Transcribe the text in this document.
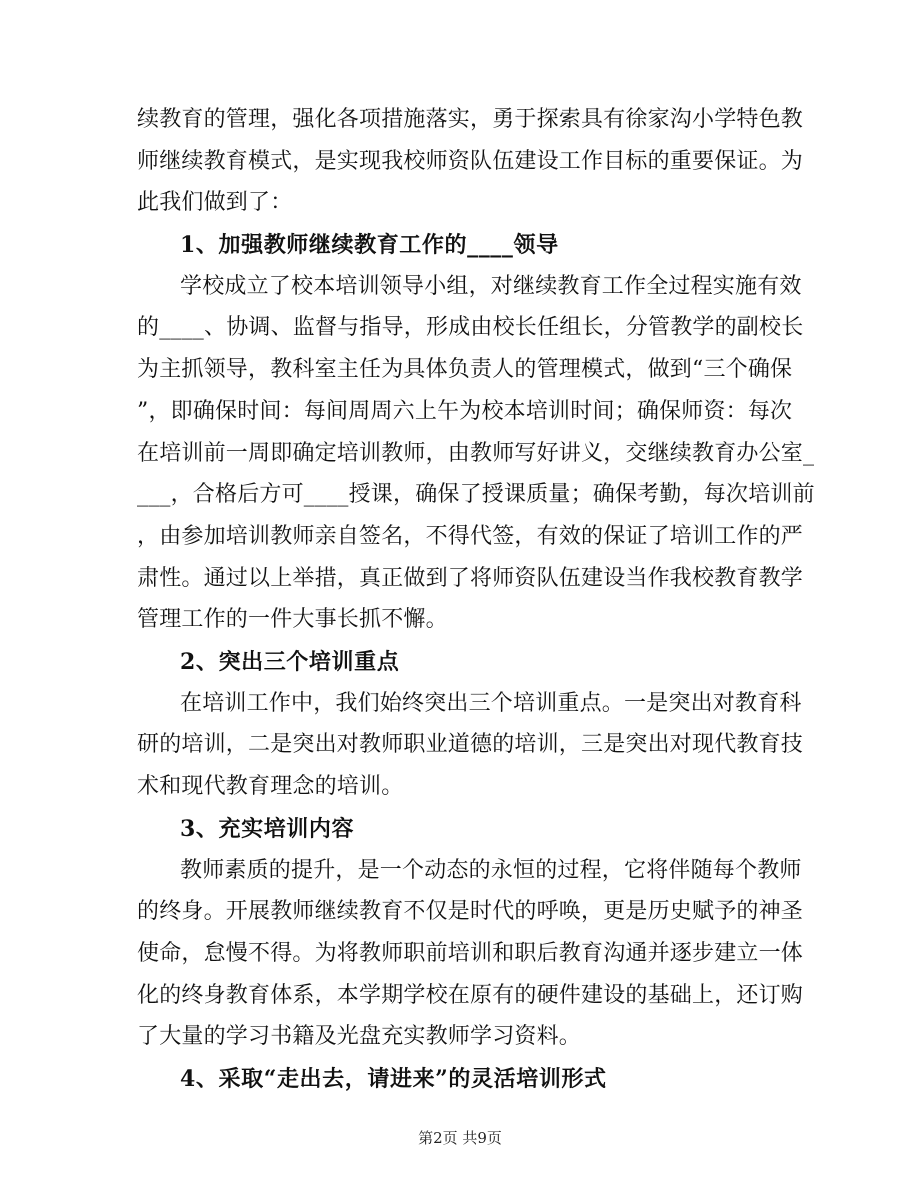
续教育的管理，强化各项措施落实，勇于探索具有徐家沟小学特色教
师继续教育模式，是实现我校师资队伍建设工作目标的重要保证。为
此我们做到了：
1、加强教师继续教育工作的____领导
学校成立了校本培训领导小组，对继续教育工作全过程实施有效
的____、协调、监督与指导，形成由校长任组长，分管教学的副校长
为主抓领导，教科室主任为具体负责人的管理模式，做到“三个确保
”，即确保时间：每间周周六上午为校本培训时间；确保师资：每次
在培训前一周即确定培训教师，由教师写好讲义，交继续教育办公室_
___，合格后方可____授课，确保了授课质量；确保考勤，每次培训前
，由参加培训教师亲自签名，不得代签，有效的保证了培训工作的严
肃性。通过以上举措，真正做到了将师资队伍建设当作我校教育教学
管理工作的一件大事长抓不懈。
2、突出三个培训重点
在培训工作中，我们始终突出三个培训重点。一是突出对教育科
研的培训，二是突出对教师职业道德的培训，三是突出对现代教育技
术和现代教育理念的培训。
3、充实培训内容
教师素质的提升，是一个动态的永恒的过程，它将伴随每个教师
的终身。开展教师继续教育不仅是时代的呼唤，更是历史赋予的神圣
使命，怠慢不得。为将教师职前培训和职后教育沟通并逐步建立一体
化的终身教育体系，本学期学校在原有的硬件建设的基础上，还订购
了大量的学习书籍及光盘充实教师学习资料。
4、采取“走出去，请进来”的灵活培训形式
第2页 共9页
